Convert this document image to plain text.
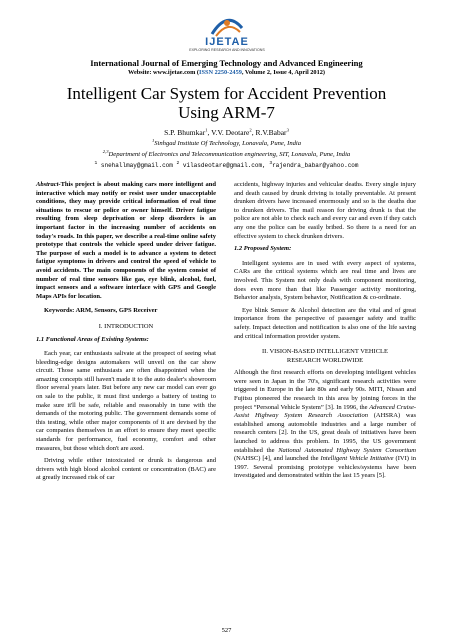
IJETAE
EXPLORING RESEARCH AND INNOVATIONS
International Journal of Emerging Technology and Advanced Engineering
Website: www.ijetae.com (ISSN 2250-2459, Volume 2, Issue 4, April 2012)
Intelligent Car System for Accident Prevention
Using ARM-7
S.P. Bhumkar$^1$, V.V. Deotare$^2$, R.V.Babar$^3$
$^1$Sinhgad Institute Of Technology, Lonavala, Pune, India
$^{2,3}$Department of Electronics and Telecommunication engineering, SIT, Lonavala, Pune, India
$^1$ snehallmay@gmail.com $^2$ vilasdeotare@gmail.com, $^3$rajendra_babar@yahoo.com

Abstract-This project is about making cars more intelligent and interactive which may notify or resist user under unacceptable conditions, they may provide critical information of real time situations to rescue or police or owner himself. Driver fatigue resulting from sleep deprivation or sleep disorders is an important factor in the increasing number of accidents on today's roads. In this paper, we describe a real-time online safety prototype that controls the vehicle speed under driver fatigue. The purpose of such a model is to advance a system to detect fatigue symptoms in drivers and control the speed of vehicle to avoid accidents. The main components of the system consist of number of real time sensors like gas, eye blink, alcohol, fuel, impact sensors and a software interface with GPS and Google Maps APIs for location.

Keywords: ARM, Sensors, GPS Receiver

I. INTRODUCTION

1.1 Functional Areas of Existing Systems:

Each year, car enthusiasts salivate at the prospect of seeing what bleeding-edge designs automakers will unveil on the car show circuit. Those same enthusiasts are often disappointed when the amazing concepts still haven't made it to the auto dealer's showroom floor several years later. But before any new car model can ever go on sale to the public, it must first undergo a battery of testing to make sure it'll be safe, reliable and reasonably in tune with the demands of the motoring public. The government demands some of this testing, while other major components of it are devised by the car companies themselves in an effort to ensure they meet specific standards for performance, fuel economy, comfort and other measures, but those which don't are axed.

Driving while either intoxicated or drunk is dangerous and drivers with high blood alcohol content or concentration (BAC) are at greatly increased risk of car

accidents, highway injuries and vehicular deaths. Every single injury and death caused by drunk driving is totally preventable. At present drunken drivers have increased enormously and so is the deaths due to drunken drivers. The mail reason for driving drunk is that the police are not able to check each and every car and even if they catch any one the police can be easily bribed. So there is a need for an effective system to check drunken drivers.

1.2 Proposed System:

Intelligent systems are in used with every aspect of systems, CARs are the critical systems which are real time and lives are involved. This System not only deals with component monitoring, does even more than that like Passenger activity monitoring, Behavior analysis, System behavior, Notification & co-ordinate.

Eye blink Sensor & Alcohol detection are the vital and of great importance from the perspective of passenger safety and traffic safety. Impact detection and notification is also one of the life saving and critical information provider system.

II. VISION-BASED INTELLIGENT VEHICLE
RESEARCH WORLDWIDE

Although the first research efforts on developing intelligent vehicles were seen in Japan in the 70's, significant research activities were triggered in Europe in the late 80s and early 90s. MITI, Nissan and Fujitsu pioneered the research in this area by joining forces in the project “Personal Vehicle System” [3]. In 1996, the Advanced Cruise-Assist Highway System Research Association (AHSRA) was established among automobile industries and a large number of research centers [2]. In the US, great deals of initiatives have been launched to address this problem. In 1995, the US government established the National Automated Highway System Consortium (NAHSC) [4], and launched the Intelligent Vehicle Initiative (IVI) in 1997. Several promising prototype vehicles/systems have been investigated and demonstrated within the last 15 years [5].

527
